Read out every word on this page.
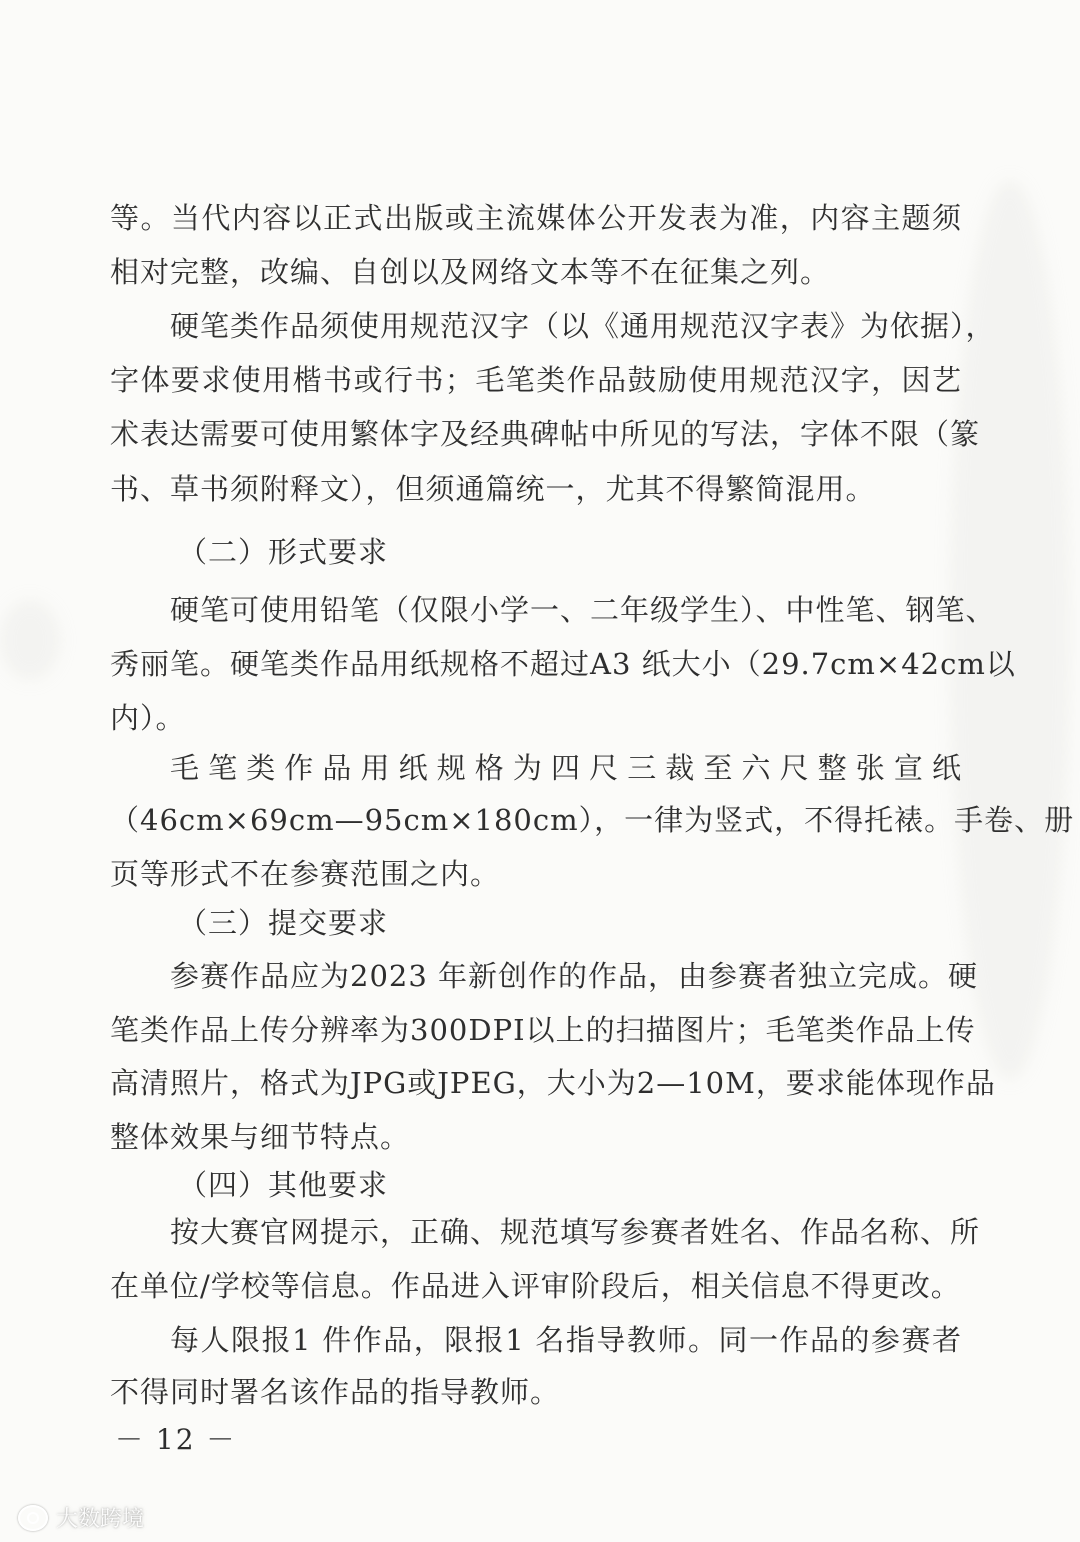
等。当代内容以正式出版或主流媒体公开发表为准，内容主题须
相对完整，改编、自创以及网络文本等不在征集之列。
硬笔类作品须使用规范汉字（以《通用规范汉字表》为依据），
字体要求使用楷书或行书；毛笔类作品鼓励使用规范汉字，因艺
术表达需要可使用繁体字及经典碑帖中所见的写法，字体不限（篆
书、草书须附释文），但须通篇统一，尤其不得繁简混用。
（二）形式要求
硬笔可使用铅笔（仅限小学一、二年级学生）、中性笔、钢笔、
秀丽笔。硬笔类作品用纸规格不超过A3 纸大小（29.7cm×42cm以
内）。
毛笔类作品用纸规格为四尺三裁至六尺整张宣纸
（46cm×69cm—95cm×180cm），一律为竖式，不得托裱。手卷、册
页等形式不在参赛范围之内。
（三）提交要求
参赛作品应为2023 年新创作的作品，由参赛者独立完成。硬
笔类作品上传分辨率为300DPI以上的扫描图片；毛笔类作品上传
高清照片，格式为JPG或JPEG，大小为2—10M，要求能体现作品
整体效果与细节特点。
（四）其他要求
按大赛官网提示，正确、规范填写参赛者姓名、作品名称、所
在单位/学校等信息。作品进入评审阶段后，相关信息不得更改。
每人限报1 件作品，限报1 名指导教师。同一作品的参赛者
不得同时署名该作品的指导教师。
－ 12 －
大数跨境
